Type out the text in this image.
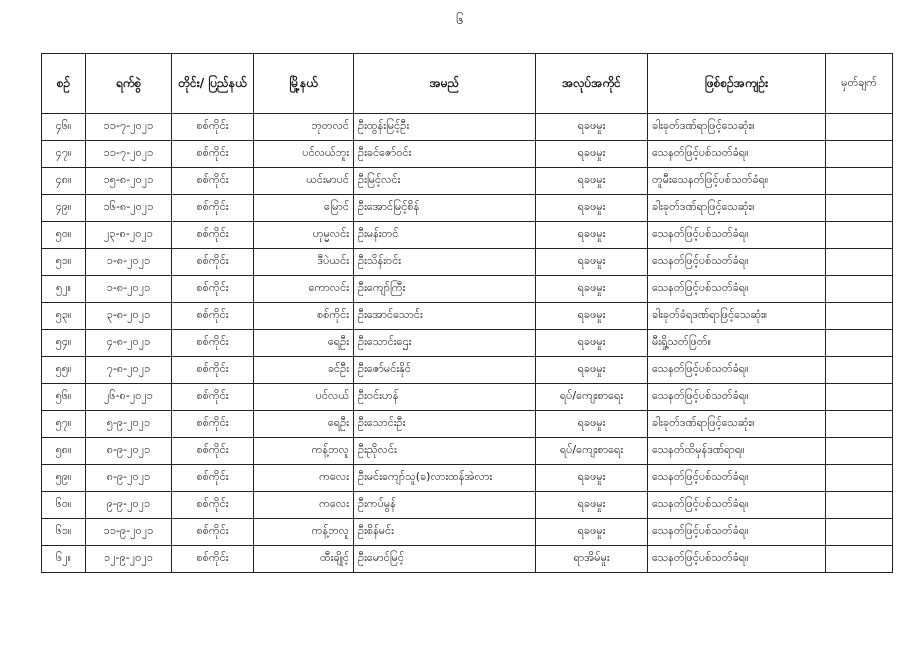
၆
စဉ်	ရက်စွဲ	တိုင်း/ ပြည်နယ်	မြို့နယ်	အမည်	အလုပ်အကိုင်	ဖြစ်စဉ်အကျဉ်း	မှတ်ချက်
၄၆။	၁၁-၇-၂၀၂၁	စစ်ကိုင်း	ဘုတလင်	ဦးထွန်းမြင့်ဦး	ရခဖမှုး	ခါးခုတ်ဒဏ်ရာဖြင့်သေဆုံး။	
၄၇။	၁၁-၇-၂၀၂၁	စစ်ကိုင်း	ပင်လယ်ဘူး	ဦးခင်ဇော်ဝင်း	ရခဖမှုး	သေနတ်ဖြင့်ပစ်သတ်ခံရ။	
၄၈။	၁၅-၈-၂၀၂၁	စစ်ကိုင်း	ယင်းမာပင်	ဦးမြင့်လင်း	ရခဖမှုး	တူမီးသေနတ်ဖြင့်ပစ်သတ်ခံရ။	
၄၉။	၁၆-၈-၂၀၂၁	စစ်ကိုင်း	မြောင်	ဦးအောင်မြင့်စိန်	ရခဖမှုး	ခါးခုတ်ဒဏ်ရာဖြင့်သေဆုံး။	
၅၀။	၂၃-၈-၂၀၂၁	စစ်ကိုင်း	ဟုမ္မလင်း	ဦးမန်းတင်	ရခဖမှုး	သေနတ်ဖြင့်ပစ်သတ်ခံရ။	
၅၁။	၁-၈-၂၀၂၁	စစ်ကိုင်း	ဒီပဲယင်း	ဦးသိန်းဝင်း	ရခဖမှုး	သေနတ်ဖြင့်ပစ်သတ်ခံရ။	
၅၂။	၁-၈-၂၀၂၁	စစ်ကိုင်း	ကောလင်း	ဦးကျော်ကြီး	ရခဖမှုး	သေနတ်ဖြင့်ပစ်သတ်ခံရ။	
၅၃။	၃-၈-၂၀၂၁	စစ်ကိုင်း	စစ်ကိုင်း	ဦးအောင်သောင်း	ရခဖမှုး	ခါးခုတ်ခံရဒဏ်ရာဖြင့်သေဆုံး။	
၅၄။	၄-၈-၂၀၂၁	စစ်ကိုင်း	ရေဦး	ဦးသောင်းဌေး	ရခဖမှုး	မီးရှို့သတ်ဖြတ်။	
၅၅။	၇-၈-၂၀၂၁	စစ်ကိုင်း	ခင်ဦး	ဦးဇော်မင်းနိုင်	ရခဖမှုး	သေနတ်ဖြင့်ပစ်သတ်ခံရ။	
၅၆။	၂၆-၈-၂၀၂၁	စစ်ကိုင်း	ပင်လယ်	ဦးဝင်းဟန်	ရပ်/ကျေးစာရေး	သေနတ်ဖြင့်ပစ်သတ်ခံရ။	
၅၇။	၅-၉-၂၀၂၁	စစ်ကိုင်း	ရေဦး	ဦးသောင်းဦး	ရခဖမှုး	ခါးခုတ်ဒဏ်ရာဖြင့်သေဆုံး။	
၅၈။	၈-၉-၂၀၂၁	စစ်ကိုင်း	ကန့်ဘလူ	ဦးညိုလင်း	ရပ်/ကျေးစာရေး	သေနတ်ထိမှန်ဒဏ်ရာရ။	
၅၉။	၈-၉-၂၀၂၁	စစ်ကိုင်း	ကလေး	ဦးမင်းကျော်သူ(ခ)လားထန်အဲလား	ရခဖမှုး	သေနတ်ဖြင့်ပစ်သတ်ခံရ။	
၆၀။	၉-၉-၂၀၂၁	စစ်ကိုင်း	ကလေး	ဦးကပ်မွန်	ရခဖမှုး	သေနတ်ဖြင့်ပစ်သတ်ခံရ။	
၆၁။	၁၁-၉-၂၀၂၁	စစ်ကိုင်း	ကန့်ဘလူ	ဦးစိန်မင်း	ရခဖမှုး	သေနတ်ဖြင့်ပစ်သတ်ခံရ။	
၆၂။	၁၂-၉-၂၀၂၁	စစ်ကိုင်း	ထီးချိုင့်	ဦးမောင်မြင့်	ရာအိမ်မှုး	သေနတ်ဖြင့်ပစ်သတ်ခံရ။	
